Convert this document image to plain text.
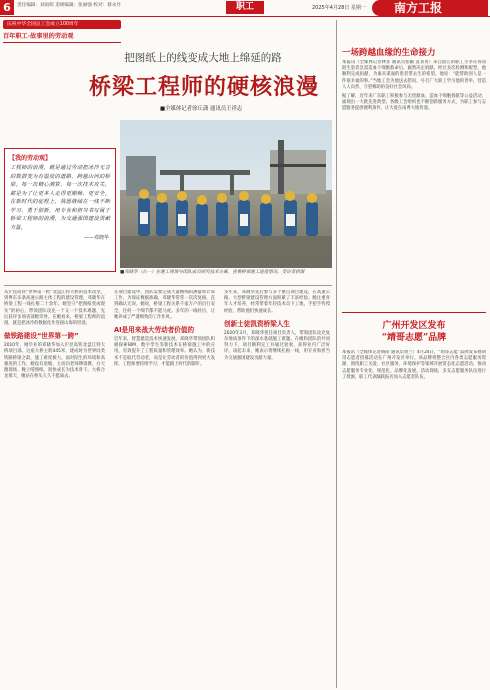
6	责任编辑：刘雨萌 追规编辑：张丽强 校对：蔡永丹	职工	2025年4月28日 星期一	南方工报
庆祝中华全国总工会成立100周年
百年职工·故事里的劳动观
把图纸上的线变成大地上绵延的路
桥梁工程师的硬核浪漫
■全媒体记者徐丘潇 通讯员王祥志
【我的劳动观】
工程师的浪漫，就是通过劳动把冰冷无言的数据变为有温度的道路、跨越山河的桥梁。每一次精心测算、每一次技术攻关，都是为了让更多人走得更顺畅、更安全。在新时代的征程上，我愿继续在一线不断学习、勇于创新，用专业和担当书写属于桥梁工程师的浪漫，为交通强国建设贡献力量。
——邓晓华
■邓晓华（右一）在施工现场与团队成员研究技术方案，查看桥梁施工进度情况。受访者供图
从沪昆高铁“世界第一跨”北盘江特大桥的技术攻坚，到粤东多条高速公路主体工程的建设管理，邓晓华在桥梁工程一线扎根二十余年。她坚守“把图纸变成现实”的初心，带领团队攻克一个又一个技术难题，先后获评多项省部级荣誉。在她看来，桥梁工程师的浪漫，就是把冰冷的数据化作连接山海的坦途。
做铁路建设“世界第一跨”
2010年，刚毕业的邓晓华加入沪昆高铁北盘江特大桥项目部。这座大桥主跨445米，建成时为世界同类铁路桥梁之最，施工难度极大。面对陌生的环境和高强度的工作，她没有退缩，主动向老师傅请教，白天跑现场、晚上啃图纸，很快成长为技术骨干。大桥合龙那天，她站在桥头久久不愿离去。
在项目建设中，团队需要完成大量精细的测量和计算工作，为保证数据准确，邓晓华常常一次次复核，直到确认无误。她说，桥梁工程关系千家万户的出行安全，任何一个细节都不能马虎。多年的一线经历，让她养成了严谨细致的工作作风。
AI是用来战大劳动者价值的
近年来，智慧建造技术快速发展。邓晓华带领团队积极探索BIM、数字孪生等新技术在桥梁施工中的应用，有效提升了工程质量和管理效率。她认为，新技术不是取代劳动者，而是让劳动者的价值得到更大发挥，工程师要持续学习，才能跟上时代的脚步。
多年来，邓晓华先后参与多个重点项目建设，在高速公路、大型桥梁建设管理方面积累了丰富经验。她注重青年人才培养，经常带着年轻技术员下工地，手把手传授经验，帮助他们快速成长。
创新士徒凯资桥梁人生
2020年3月，邓晓华担任项目负责人，带领团队攻克复杂地质条件下的深水基础施工难题。在她和团队的共同努力下，项目顺利完工并通过验收，获得业内广泛好评。谈起未来，她表示将继续扎根一线，用专业和担当为交通强国建设贡献力量。
一场跨越血缘的生命接力
本报讯（全媒体记者林菲 通讯员张颖 袁菁菁）来自湛江的职工小李在得知陌生患者急需造血干细胞救命后，毅然决定捐献。经过多次检测和配型，他顺利完成捐献，为素未谋面的患者带去生的希望。他说：“能帮助别人是一件很幸福的事。”当地工会为他送去慰问，号召广大职工学习他的善举，营造人人向善、守望相助的良好社会风尚。
据了解，近年来广东职工积极参与无偿献血、造血干细胞捐献等公益活动，涌现出一大批先进典型。各级工会组织也不断创新服务方式，为职工参与志愿服务提供便利条件，让大爱在南粤大地传递。
广州开发区发布
“靖哥志愿”品牌
本报讯（全媒体记者杨阳 通讯员黄兰）4月24日，“靖哥志愿”品牌发布暨靖哥志愿者招募活动在广州开发区举行。该品牌将整合区内各类志愿服务资源，围绕职工关爱、社区服务、环境保护等领域开展常态化志愿活动，推动志愿服务专业化、规范化、品牌化发展。活动现场，多支志愿服务队伍进行了授旗，职工代表踊跃报名加入志愿者队伍。
